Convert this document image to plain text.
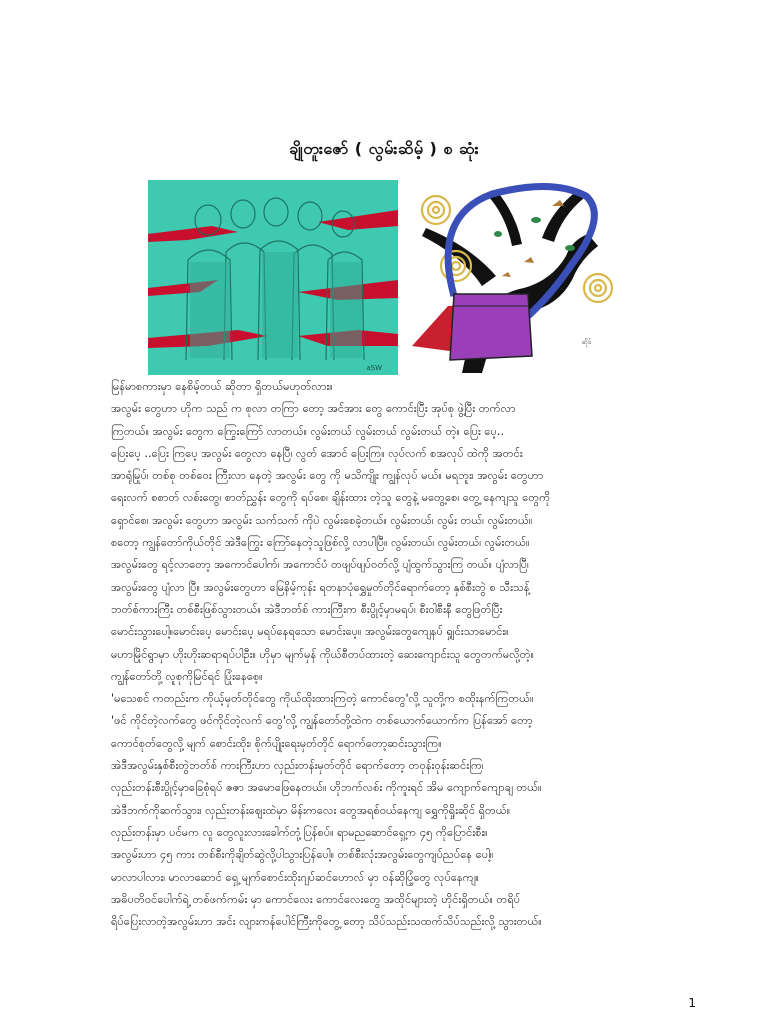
ချိုတူးဇော် ( လွမ်းဆိမ့် ) စ ဆုံး
aSW
ဆိုဒ်

မြန်မာစကားမှာ နေစိမ့်တယ် ဆိုတာ ရှိတယ်မဟုတ်လား။

အလွမ်း တွေဟာ ဟိုက သည် က စုလာ တကြာ တော့ အင်အား တွေ ကောင်းပြီး အုပ်စု ဖွဲ့ပြီး တက်လာ

ကြတယ်။ အလွမ်း တွေက ကြွေးကြော် လာတယ်။ လွမ်းတယ် လွမ်းတယ် လွမ်းတယ် တဲ့။ ပြေး ပေ့..

ပြေးပေ့ ..ပြေး ကြပေ့ အလွမ်း တွေလာ နေပြီ၊ လွတ် အောင် ပြေးကြ။ လုပ်လက် စအလုပ် ထဲကို အတင်း

အာရုံမြုပ်၊ တစ်စု တစ်ဝေး ကြီးလာ နေတဲ့ အလွမ်း တွေ ကို မသိကျိုး ကျွန်လုပ် မယ်။ မရဘူး၊ အလွမ်း တွေဟာ

ရေးလက် စစာတ် လစ်းတွေ၊ စာတ်ညွှန်း တွေကို ရပ်စေ၊ ချိန်းထား တဲ့သူ တွေနဲ့ မတွေ့စေ၊ တွေ့ နေကျသူ တွေကို

ရှောင်စေ၊ အလွမ်း တွေဟာ အလွမ်း သက်သက် ကိုပဲ လွမ်းစေခဲ့တယ်။ လွမ်းတယ်၊ လွမ်း တယ်၊ လွမ်းတယ်။

စတော့ ကျွန်တော်ကိုယ်တိုင် အဲဒီကြွေး ကြော်နေတဲ့သူဖြစ်လို့ လာပါပြီ။ လွမ်းတယ်၊ လွမ်းတယ်၊ လွမ်းတယ်။

အလွမ်းတွေ ရင့်လာတော့ အကောင်ပေါက်၊ အကောင်ပံ တဖျပ်ဖျပ်ဝတ်လို့ ပျံထွက်သွားကြ တယ်။ ပျံလာပြီ၊

အလွမ်းတွေ ပျံလာ ပြီ။ အလွမ်းတွေဟာ မြေနိမ့်ကုန်း ရတနာပုံရွှေမှုတ်တိုင်ရောက်တော့ နှစ်စီးတွဲ စ သီးသန့်

ဘတ်စ်ကားကြီး တစ်စီးဖြစ်သွားတယ်။ အဲဒီဘတ်စ် ကားကြီးက စီးပွိုင့်မှာမရပ်၊ စီးဝါစီးနီ တွေဖြတ်ပြီး

မောင်းသွားပေါ့။မောင်းပေ့ မောင်းပေ့ မရပ်နေရသော မောင်းပေ့။ အလွမ်းတွေကျေနပ် ရျှင်းသာမောင်း။

မဟာမြိုင်ရွာမှာ ဟိုးဟိုးဆရာရပ်ပါဦး။ ဟိုမှာ မျက်မှန် ကိုယ်စီတပ်ထားတဲ့ ဆေးကျောင်းသူ တွေတက်မလို့တဲ့။

ကျွန်တော်တို့ လူစုကိုမြင်ရင် ပြုံးနေစေ့။

'မသေစင် ကတည်းက ကိုယ့်မှတ်တိုင်တွေ ကိုယ်ထိုးထားကြတဲ့ ကောင်တွေ'လို့ သူတို့က စထိုးနက်ကြတယ်။

'ဖင် ကိုင်တဲ့လက်တွေ ဖင်ကိုင်တဲ့လက် တွေ'လို့ ကျွန်တော်တို့ထဲက တစ်ယောက်ယောက်က ပြန်အော် တော့

ကောင်စုတ်တွေလို့ မျက် စောင်းထိုး၊ စိုက်ပျိုးရေးမှတ်တိုင် ရောက်တော့ဆင်းသွားကြ။

အဲဒီအလွမ်းနှစ်စီးတွဲဘတ်စ် ကားကြီးဟာ လှည်းတန်းမှတ်တိုင် ရောက်တော့ တဝုန်းဝုန်းဆင်းကြ၊

လှည်းတန်းစီးပွိုင့်မှာခြေစုံရပ် ဇဇာ အမောဖြေနေတယ်။ ဟိုဘက်လစ်း ကိုကူးရင် အိမ ကျောက်ကျောချ တယ်။

အဲဒီဘက်ကိုဆက်သွား၊ လှည်းတန်းဈေးထဲမှာ မိန်းကလေး တွေအရစ်ဝယ်နေကျ ရွှေကိုရှိုးဆိုင် ရှိတယ်။

လှည်းတန်းမှာ ပင်မက လူ တွေလူးလားခေါက်တုံ့ပြန်စပ်။ ရာမညဆောင်ရှေ့က ၄၅ ကိုပြောင်းစီး။

အလွမ်းဟာ ၄၅ ကား တစ်စီးကိုချိတ်ဆွဲလို့ပါသွားပြန်ပေါ့။ တစ်စီးလုံးအလွမ်းတွေကျပ်ညပ်နေ ပေါ့။

မာလာပါလား၊ မာလာဆောင် ရှေ့ မျက်စောင်းထိုးဂျပ်ဆင်ဟောလ် မှာ ဝန်ဆိုပြံ့တွေ လုပ်နေကျ။

အဓိပတိဝင်ပေါက်ရဲ့ တစ်ဖက်ကမ်း မှာ ကောင်လေး ကောင်လေးတွေ အထိုင်များတဲ့ ဟိုင်းရှိတယ်။ တရိပ်

ရိပ်ပြေးလာတဲ့အလွမ်းဟာ အင်း လျားကန်ပေါင်ကြီးကိုတွေ့ တော့ သိပ်သည်းသထက်သိပ်သည်းလို့ သွားတယ်။

1
